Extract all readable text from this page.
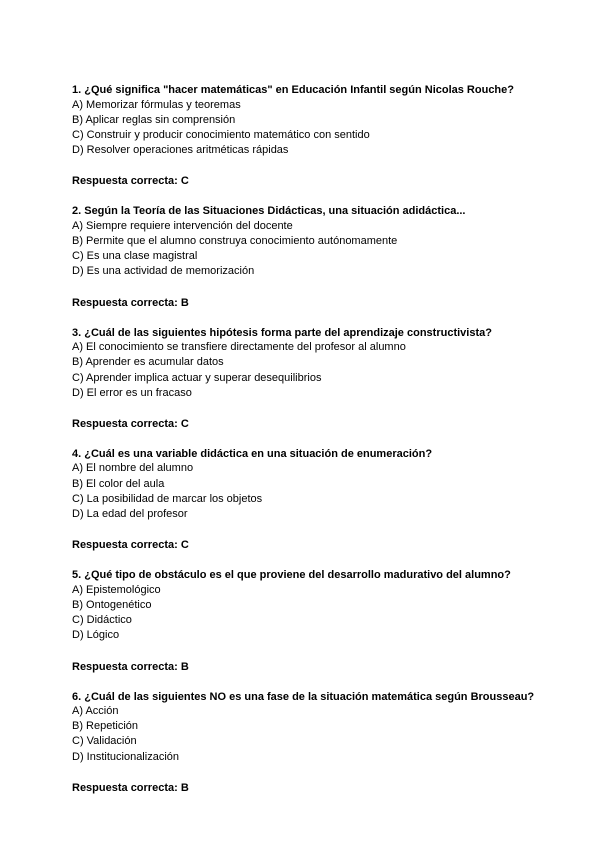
1. ¿Qué significa "hacer matemáticas" en Educación Infantil según Nicolas Rouche?

A) Memorizar fórmulas y teoremas

B) Aplicar reglas sin comprensión

C) Construir y producir conocimiento matemático con sentido

D) Resolver operaciones aritméticas rápidas

Respuesta correcta: C

2. Según la Teoría de las Situaciones Didácticas, una situación adidáctica...

A) Siempre requiere intervención del docente

B) Permite que el alumno construya conocimiento autónomamente

C) Es una clase magistral

D) Es una actividad de memorización

Respuesta correcta: B

3. ¿Cuál de las siguientes hipótesis forma parte del aprendizaje constructivista?

A) El conocimiento se transfiere directamente del profesor al alumno

B) Aprender es acumular datos

C) Aprender implica actuar y superar desequilibrios

D) El error es un fracaso

Respuesta correcta: C

4. ¿Cuál es una variable didáctica en una situación de enumeración?

A) El nombre del alumno

B) El color del aula

C) La posibilidad de marcar los objetos

D) La edad del profesor

Respuesta correcta: C

5. ¿Qué tipo de obstáculo es el que proviene del desarrollo madurativo del alumno?

A) Epistemológico

B) Ontogenético

C) Didáctico

D) Lógico

Respuesta correcta: B

6. ¿Cuál de las siguientes NO es una fase de la situación matemática según Brousseau?

A) Acción

B) Repetición

C) Validación

D) Institucionalización

Respuesta correcta: B
